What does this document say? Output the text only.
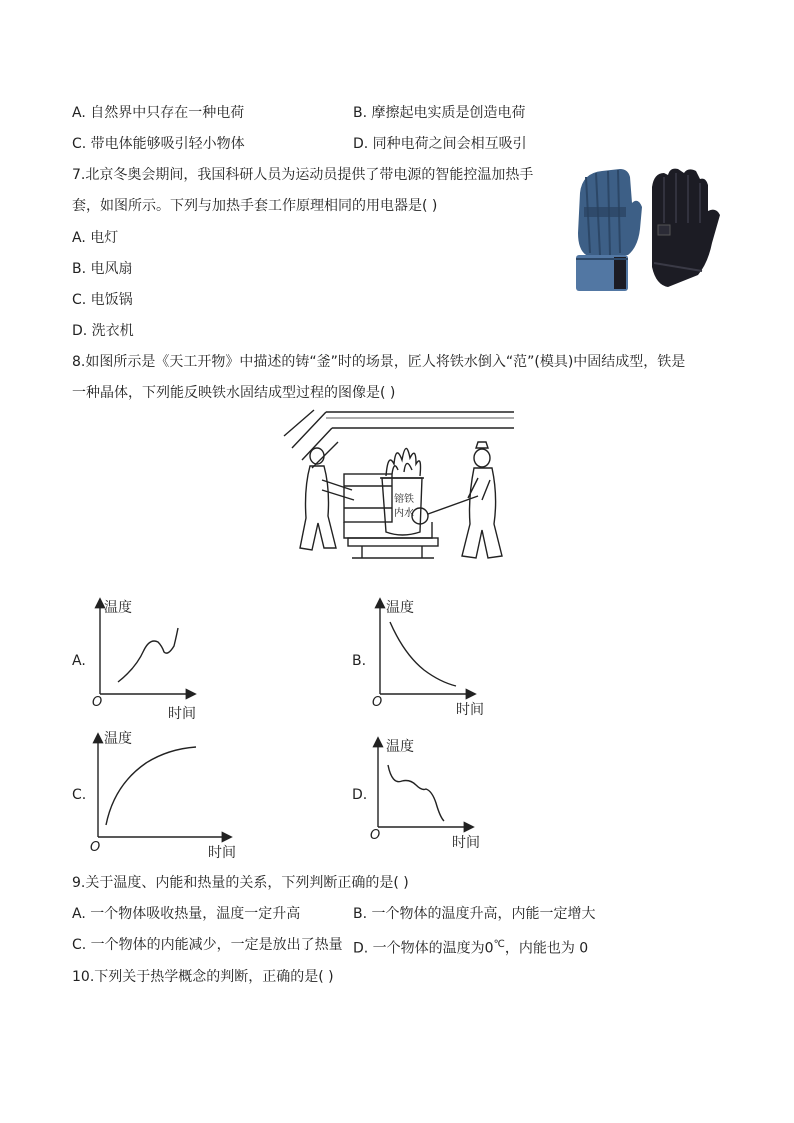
A. 自然界中只存在一种电荷	B. 摩擦起电实质是创造电荷
C. 带电体能够吸引轻小物体	D. 同种电荷之间会相互吸引
7.北京冬奥会期间，我国科研人员为运动员提供了带电源的智能控温加热手
套，如图所示。下列与加热手套工作原理相同的用电器是( )
A. 电灯
B. 电风扇
C. 电饭锅
D. 洗衣机
8.如图所示是《天工开物》中描述的铸“釜”时的场景，匠人将铁水倒入“范”(模具)中固结成型，铁是
一种晶体，下列能反映铁水固结成型过程的图像是( )
镕铁
内水
A.
温度
O
时间
B.
温度
O	时间
C.
温度
O	时间
D.
温度
O	时间
9.关于温度、内能和热量的关系，下列判断正确的是( )
A. 一个物体吸收热量，温度一定升高	B. 一个物体的温度升高，内能一定增大
C. 一个物体的内能减少，一定是放出了热量 D. 一个物体的温度为0℃，内能也为 0
10.下列关于热学概念的判断，正确的是( )
